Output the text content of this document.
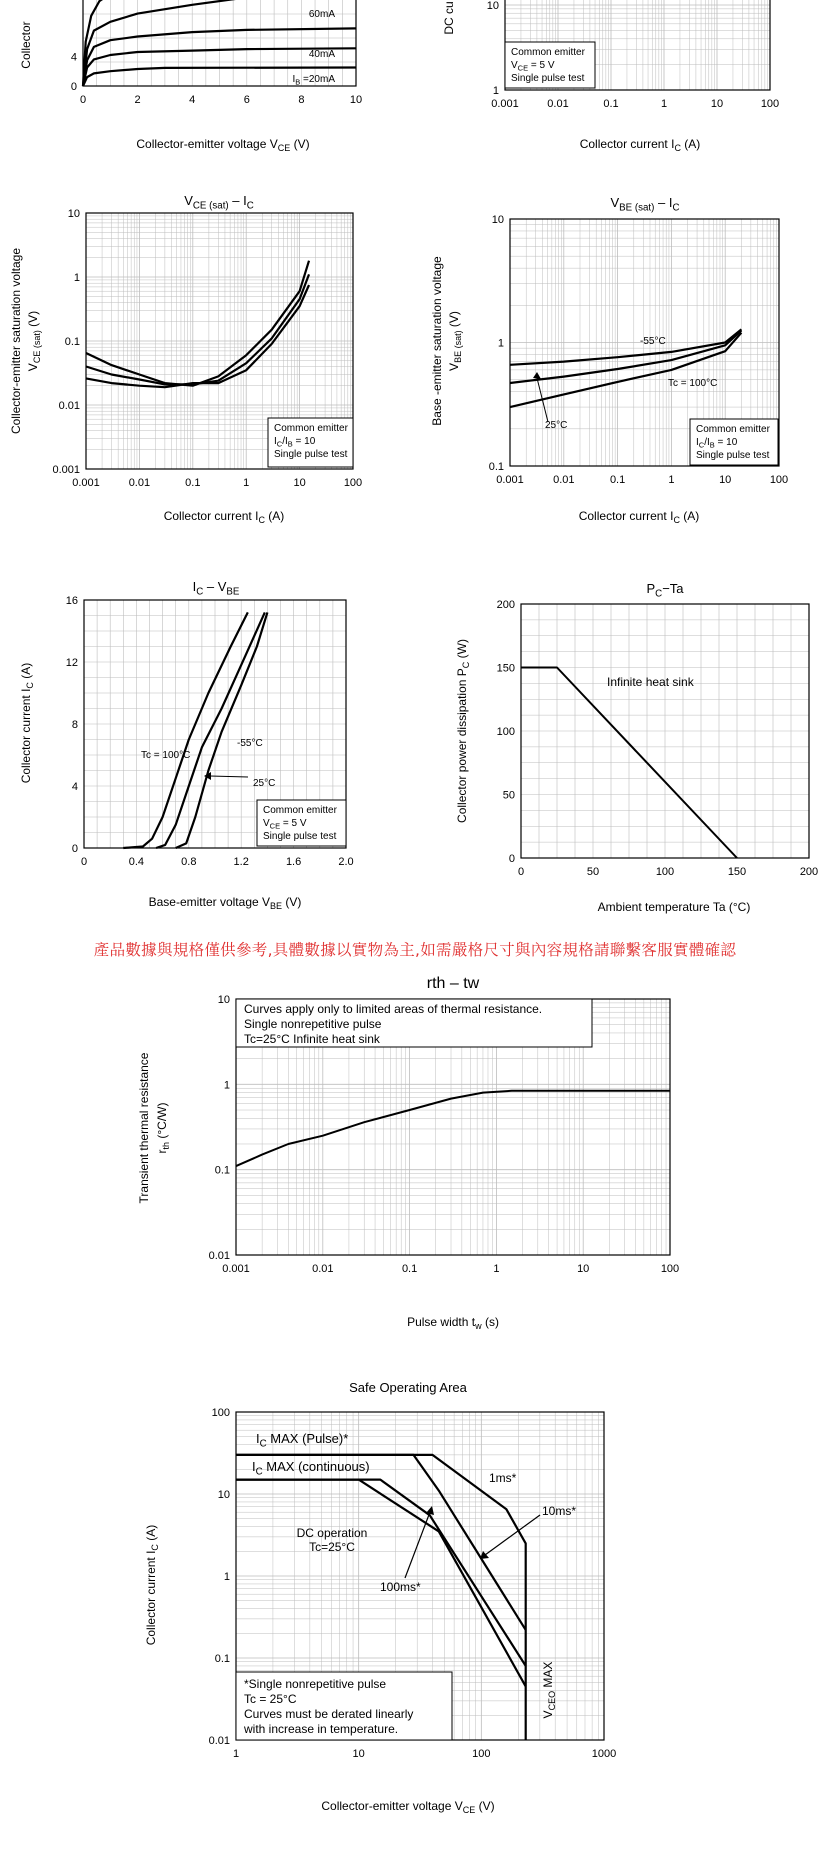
0	2	4	6	8	10
0
4
$I_B =20mA$
40mA
60mA
Collector-emitter voltage $V_{CE}$ (V)
Collector
0.001	0.01	0.1	1	10	100
1
10
Common emitter
$V_{CE} = 5$ V
Single pulse test
Collector current $I_C$ (A)
DC cu
0.001	0.01	0.1	1	10	100
0.001
0.01
0.1
1
10
$V_{CE (sat)} - I_C$
Common emitter
$I_C/I_B = 10$
Single pulse test
Collector current $I_C$ (A)
Collector-emitter saturation voltage $V_{CE (sat)}$ (V)
0.001	0.01	0.1	1	10	100
0.1
1
10
$V_{BE (sat)} - I_C$
-55°C
25°C
Tc = 100°C
Common emitter
$I_C/I_B = 10$
Single pulse test
Collector current $I_C$ (A)
Base -emitter saturation voltage $V_{BE (sat)}$ (V)
0	0.4	0.8	1.2	1.6	2.0
0
4
8
12
16
$I_C - V_{BE}$
Tc = 100°C
25°C
-55°C
Common emitter
$V_{CE} = 5$ V
Single pulse test
Base-emitter voltage $V_{BE}$ (V)
Collector current $I_C$ (A)
0	50	100	150	200
0
50
100
150
200
$P_C-Ta$
Infinite heat sink
Ambient temperature Ta (°C)
Collector power dissipation $P_C$ (W)
0.001	0.01	0.1	1	10	100
0.01
0.1
1
10
rth – tw
Curves apply only to limited areas of thermal resistance.
Single nonrepetitive pulse
Tc=25°C Infinite heat sink
Pulse width $t_w$ (s)
Transient thermal resistance $r_{th}$ (°C/W)
1	10	100	1000
0.01
0.1
1
10
100
Safe Operating Area
$I_C$ MAX (Pulse)*
$I_C$ MAX (continuous)
DC operation
Tc=25°C
1ms*
10ms*
100ms*
$V_{CEO}$ MAX
*Single nonrepetitive pulse
Tc = 25°C
Curves must be derated linearly
with increase in temperature.
Collector-emitter voltage $V_{CE}$ (V)
Collector current $I_C$ (A)
產品數據與規格僅供參考,具體數據以實物為主,如需嚴格尺寸與內容規格請聯繫客服實體確認
